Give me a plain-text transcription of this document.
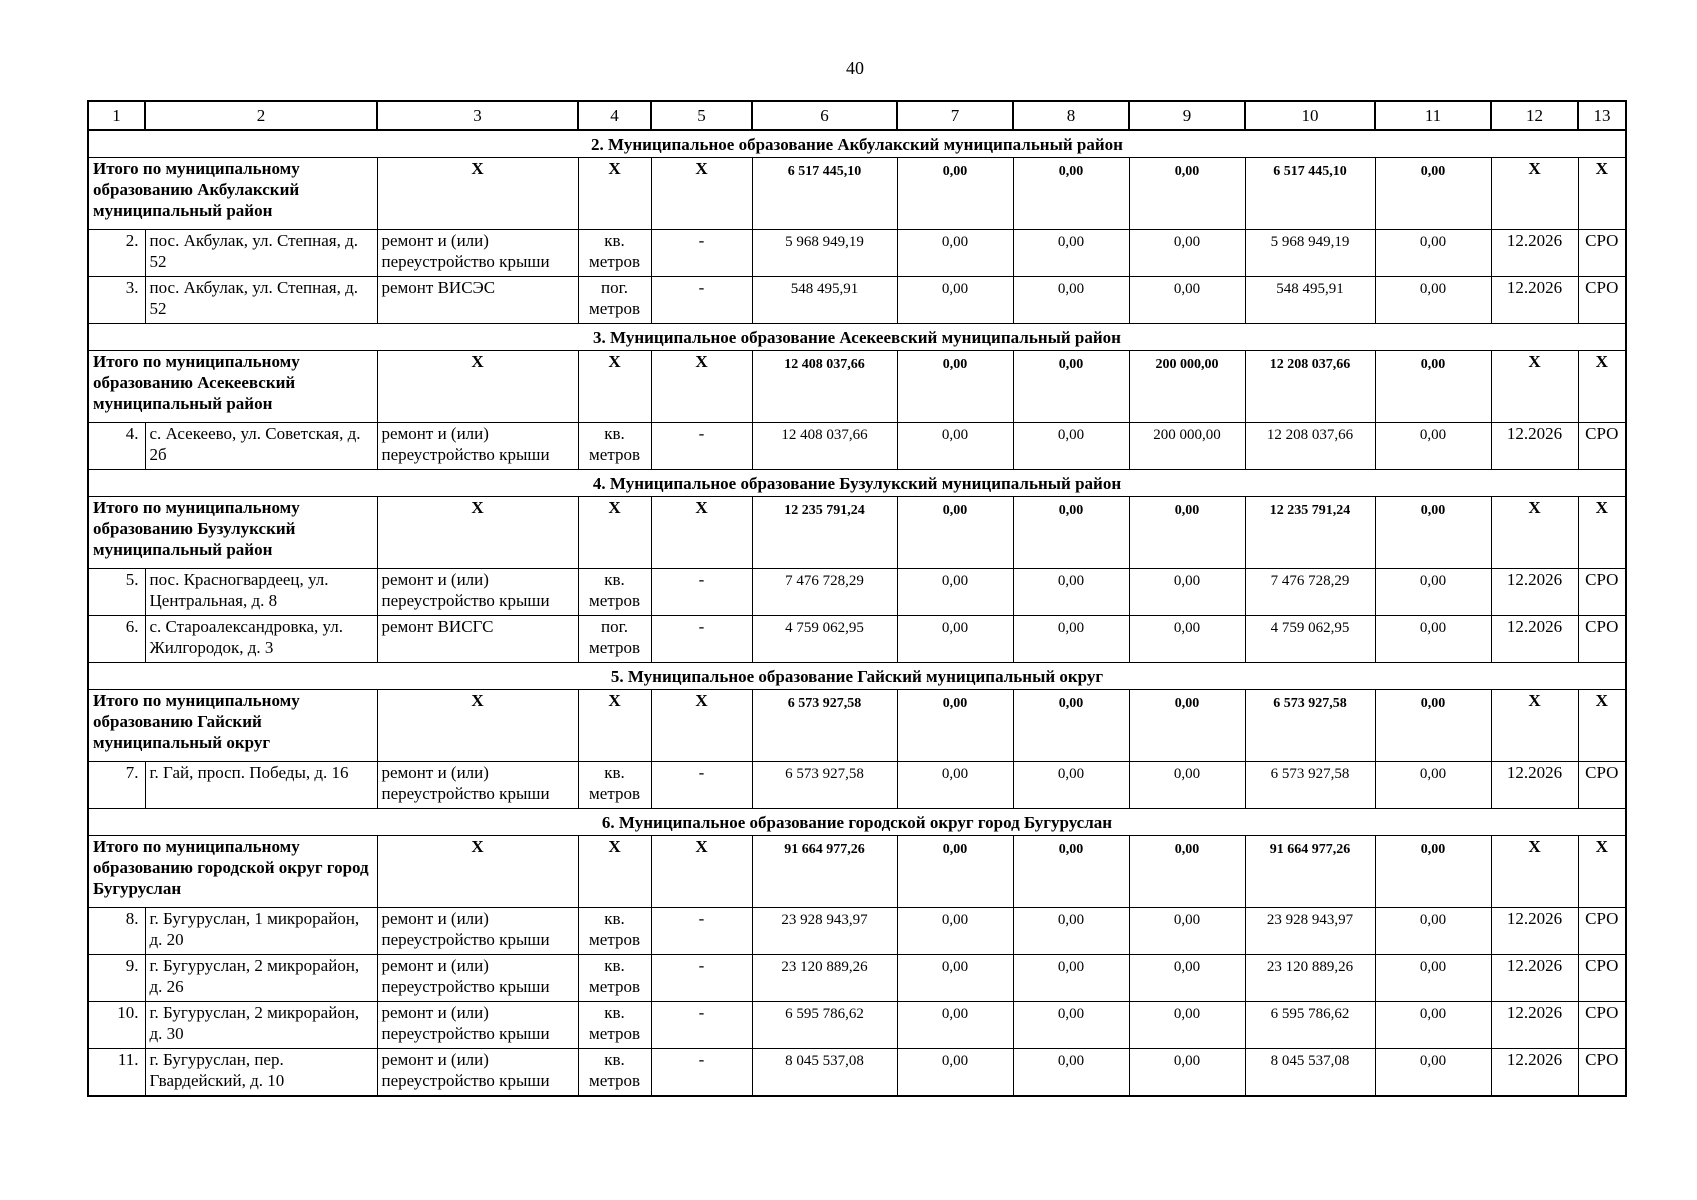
40
1	2	3	4	5	6	7	8	9	10	11	12	13
2. Муниципальное образование Акбулакский муниципальный район												
Итого по муниципальному образованию Акбулакский муниципальный район		X	X	X	6 517 445,10	0,00	0,00	0,00	6 517 445,10	0,00	X	X
2.	пос. Акбулак, ул. Степная, д. 52	ремонт и (или) переустройство крыши	кв. метров	-	5 968 949,19	0,00	0,00	0,00	5 968 949,19	0,00	12.2026	СРО
3.	пос. Акбулак, ул. Степная, д. 52	ремонт ВИСЭС	пог. метров	-	548 495,91	0,00	0,00	0,00	548 495,91	0,00	12.2026	СРО
3. Муниципальное образование Асекеевский муниципальный район												
Итого по муниципальному образованию Асекеевский муниципальный район		X	X	X	12 408 037,66	0,00	0,00	200 000,00	12 208 037,66	0,00	X	X
4.	с. Асекеево, ул. Советская, д. 2б	ремонт и (или) переустройство крыши	кв. метров	-	12 408 037,66	0,00	0,00	200 000,00	12 208 037,66	0,00	12.2026	СРО
4. Муниципальное образование Бузулукский муниципальный район												
Итого по муниципальному образованию Бузулукский муниципальный район		X	X	X	12 235 791,24	0,00	0,00	0,00	12 235 791,24	0,00	X	X
5.	пос. Красногвардеец, ул. Центральная, д. 8	ремонт и (или) переустройство крыши	кв. метров	-	7 476 728,29	0,00	0,00	0,00	7 476 728,29	0,00	12.2026	СРО
6.	с. Староалександровка, ул. Жилгородок, д. 3	ремонт ВИСГС	пог. метров	-	4 759 062,95	0,00	0,00	0,00	4 759 062,95	0,00	12.2026	СРО
5. Муниципальное образование Гайский муниципальный округ												
Итого по муниципальному образованию Гайский муниципальный округ		X	X	X	6 573 927,58	0,00	0,00	0,00	6 573 927,58	0,00	X	X
7.	г. Гай, просп. Победы, д. 16	ремонт и (или) переустройство крыши	кв. метров	-	6 573 927,58	0,00	0,00	0,00	6 573 927,58	0,00	12.2026	СРО
6. Муниципальное образование городской округ город Бугуруслан												
Итого по муниципальному образованию городской округ город Бугуруслан		X	X	X	91 664 977,26	0,00	0,00	0,00	91 664 977,26	0,00	X	X
8.	г. Бугуруслан, 1 микрорайон, д. 20	ремонт и (или) переустройство крыши	кв. метров	-	23 928 943,97	0,00	0,00	0,00	23 928 943,97	0,00	12.2026	СРО
9.	г. Бугуруслан, 2 микрорайон, д. 26	ремонт и (или) переустройство крыши	кв. метров	-	23 120 889,26	0,00	0,00	0,00	23 120 889,26	0,00	12.2026	СРО
10.	г. Бугуруслан, 2 микрорайон, д. 30	ремонт и (или) переустройство крыши	кв. метров	-	6 595 786,62	0,00	0,00	0,00	6 595 786,62	0,00	12.2026	СРО
11.	г. Бугуруслан, пер. Гвардейский, д. 10	ремонт и (или) переустройство крыши	кв. метров	-	8 045 537,08	0,00	0,00	0,00	8 045 537,08	0,00	12.2026	СРО
